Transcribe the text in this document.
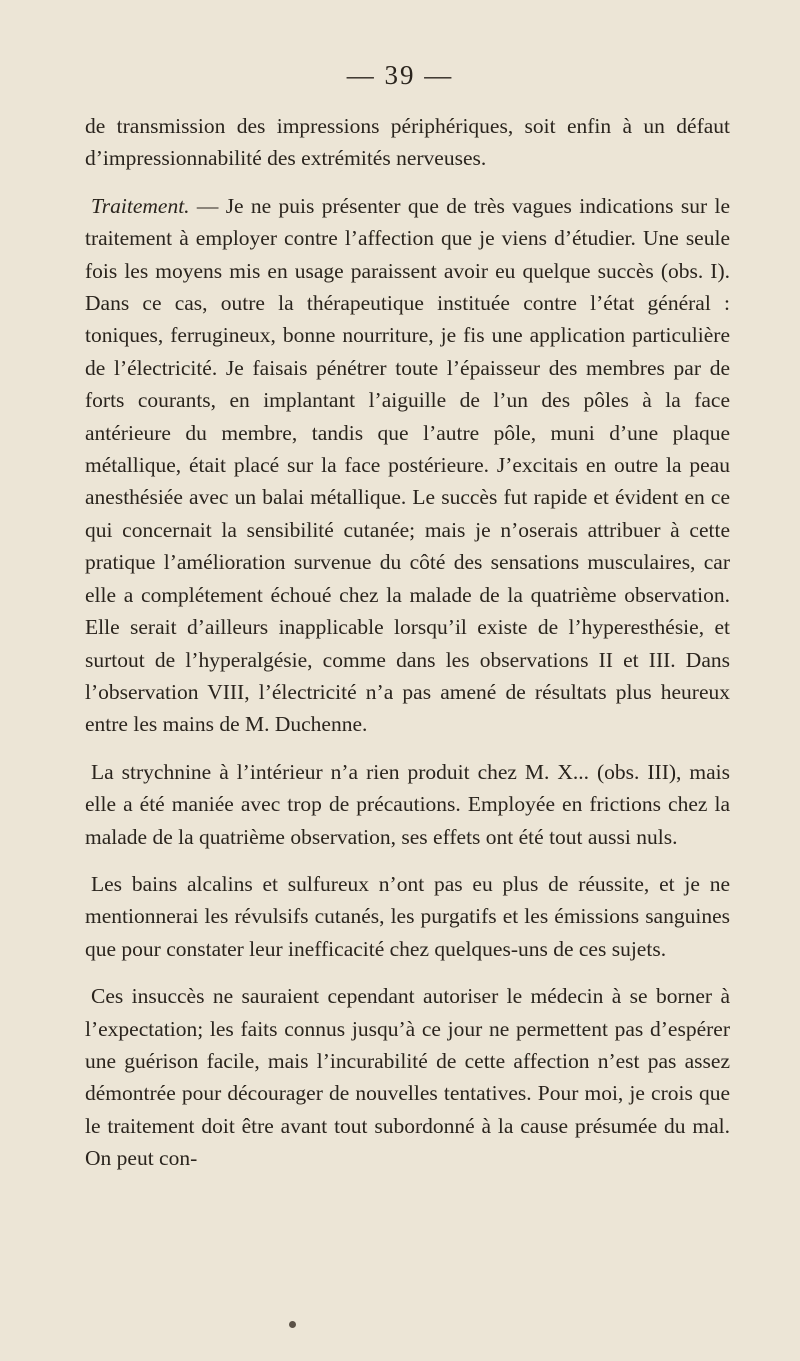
— 39 —

de transmission des impressions périphériques, soit enfin à un défaut d’impressionnabilité des extrémités nerveuses.

Traitement. — Je ne puis présenter que de très vagues indications sur le traitement à employer contre l’affection que je viens d’étudier. Une seule fois les moyens mis en usage paraissent avoir eu quelque succès (obs. I). Dans ce cas, outre la thérapeutique instituée contre l’état général : toniques, ferrugineux, bonne nourriture, je fis une application particulière de l’électricité. Je faisais pénétrer toute l’épaisseur des membres par de forts courants, en implantant l’aiguille de l’un des pôles à la face antérieure du membre, tandis que l’autre pôle, muni d’une plaque métallique, était placé sur la face postérieure. J’excitais en outre la peau anesthésiée avec un balai métallique. Le succès fut rapide et évident en ce qui concernait la sensibilité cutanée; mais je n’oserais attribuer à cette pratique l’amélioration survenue du côté des sensations musculaires, car elle a complétement échoué chez la malade de la quatrième observation. Elle serait d’ailleurs inapplicable lorsqu’il existe de l’hyperesthésie, et surtout de l’hyperalgésie, comme dans les observations II et III. Dans l’observation VIII, l’électricité n’a pas amené de résultats plus heureux entre les mains de M. Duchenne.

La strychnine à l’intérieur n’a rien produit chez M. X... (obs. III), mais elle a été maniée avec trop de précautions. Employée en frictions chez la malade de la quatrième observation, ses effets ont été tout aussi nuls.

Les bains alcalins et sulfureux n’ont pas eu plus de réussite, et je ne mentionnerai les révulsifs cutanés, les purgatifs et les émissions sanguines que pour constater leur inefficacité chez quelques-uns de ces sujets.

Ces insuccès ne sauraient cependant autoriser le médecin à se borner à l’expectation; les faits connus jusqu’à ce jour ne permettent pas d’espérer une guérison facile, mais l’incurabilité de cette affection n’est pas assez démontrée pour décourager de nouvelles tentatives. Pour moi, je crois que le traitement doit être avant tout subordonné à la cause présumée du mal. On peut con-
